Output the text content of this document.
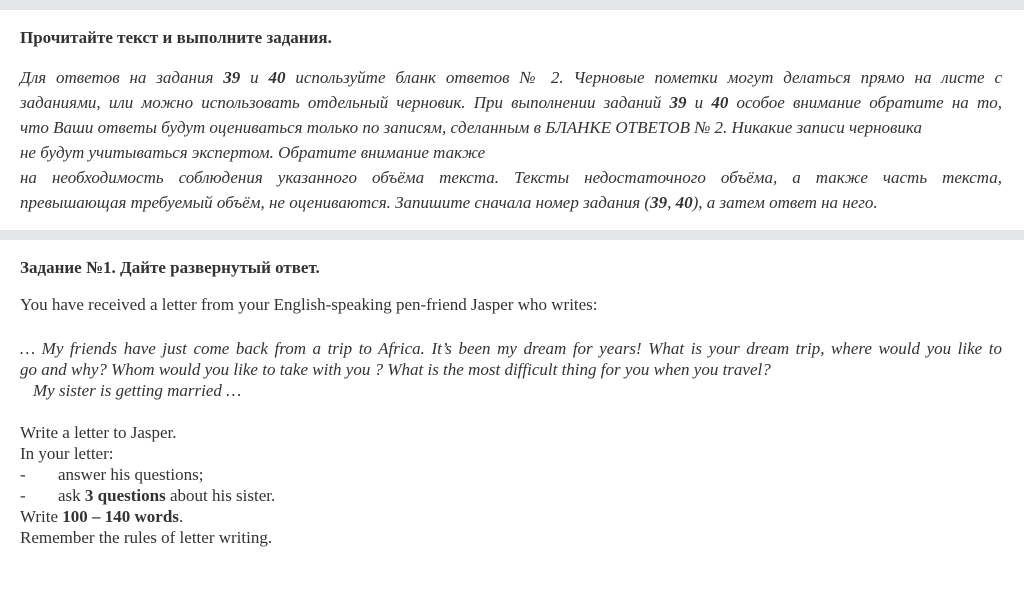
Прочитайте текст и выполните задания.

Для ответов на задания 39 и 40 используйте бланк ответов № 2. Черновые пометки могут делаться прямо на листе с
заданиями, или можно использовать отдельный черновик. При выполнении заданий 39 и 40 особое внимание обратите на то,
что Ваши ответы будут оцениваться только по записям, сделанным в БЛАНКЕ ОТВЕТОВ № 2. Никакие записи черновика
не будут учитываться экспертом. Обратите внимание также
на необходимость соблюдения указанного объёма текста. Тексты недостаточного объёма, а также часть текста,
превышающая требуемый объём, не оцениваются. Запишите сначала номер задания (39, 40), а затем ответ на него.

Задание №1. Дайте развернутый ответ.

You have received a letter from your English-speaking pen-friend Jasper who writes:

… My friends have just come back from a trip to Africa. It’s been my dream for years! What is your dream trip, where would you like to
go and why? Whom would you like to take with you ? What is the most difficult thing for you when you travel?
My sister is getting married …

Write a letter to Jasper.
In your letter:
- answer his questions;
- ask 3 questions about his sister.
Write 100 – 140 words.
Remember the rules of letter writing.
